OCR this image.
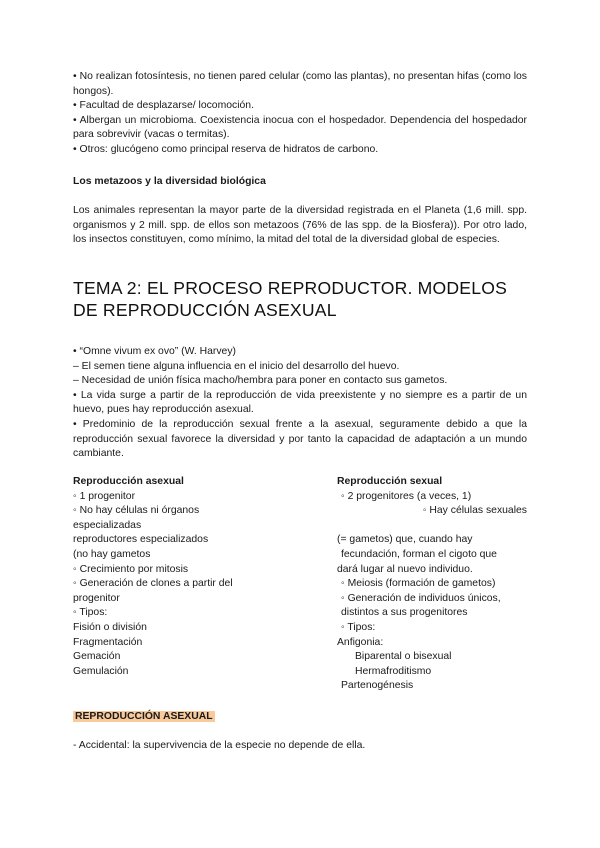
• No realizan fotosíntesis, no tienen pared celular (como las plantas), no presentan hifas (como los hongos).

• Facultad de desplazarse/ locomoción.

• Albergan un microbioma. Coexistencia inocua con el hospedador. Dependencia del hospedador para sobrevivir (vacas o termitas).

• Otros: glucógeno como principal reserva de hidratos de carbono.

Los metazoos y la diversidad biológica
Los animales representan la mayor parte de la diversidad registrada en el Planeta (1,6 mill. spp. organismos y 2 mill. spp. de ellos son metazoos (76% de las spp. de la Biosfera)). Por otro lado, los insectos constituyen, como mínimo, la mitad del total de la diversidad global de especies.
TEMA 2: EL PROCESO REPRODUCTOR. MODELOS DE REPRODUCCIÓN ASEXUAL

• “Omne vivum ex ovo” (W. Harvey)

– El semen tiene alguna influencia en el inicio del desarrollo del huevo.

– Necesidad de unión física macho/hembra para poner en contacto sus gametos.

• La vida surge a partir de la reproducción de vida preexistente y no siempre es a partir de un huevo, pues hay reproducción asexual.

• Predominio de la reproducción sexual frente a la asexual, seguramente debido a que la reproducción sexual favorece la diversidad y por tanto la capacidad de adaptación a un mundo cambiante.

Reproducción asexual

◦ 1 progenitor

◦ No hay células ni órganos

especializadas

reproductores especializados

(no hay gametos

◦ Crecimiento por mitosis

◦ Generación de clones a partir del

progenitor

◦ Tipos:

Fisión o división

Fragmentación

Gemación

Gemulación

Reproducción sexual

◦ 2 progenitores (a veces, 1)

◦ Hay células sexuales

(= gametos) que, cuando hay

fecundación, forman el cigoto que

dará lugar al nuevo individuo.

◦ Meiosis (formación de gametos)

◦ Generación de individuos únicos,

distintos a sus progenitores

◦ Tipos:

Anfigonia:

Biparental o bisexual

Hermafroditismo

Partenogénesis

REPRODUCCIÓN ASEXUAL
- Accidental: la supervivencia de la especie no depende de ella.
